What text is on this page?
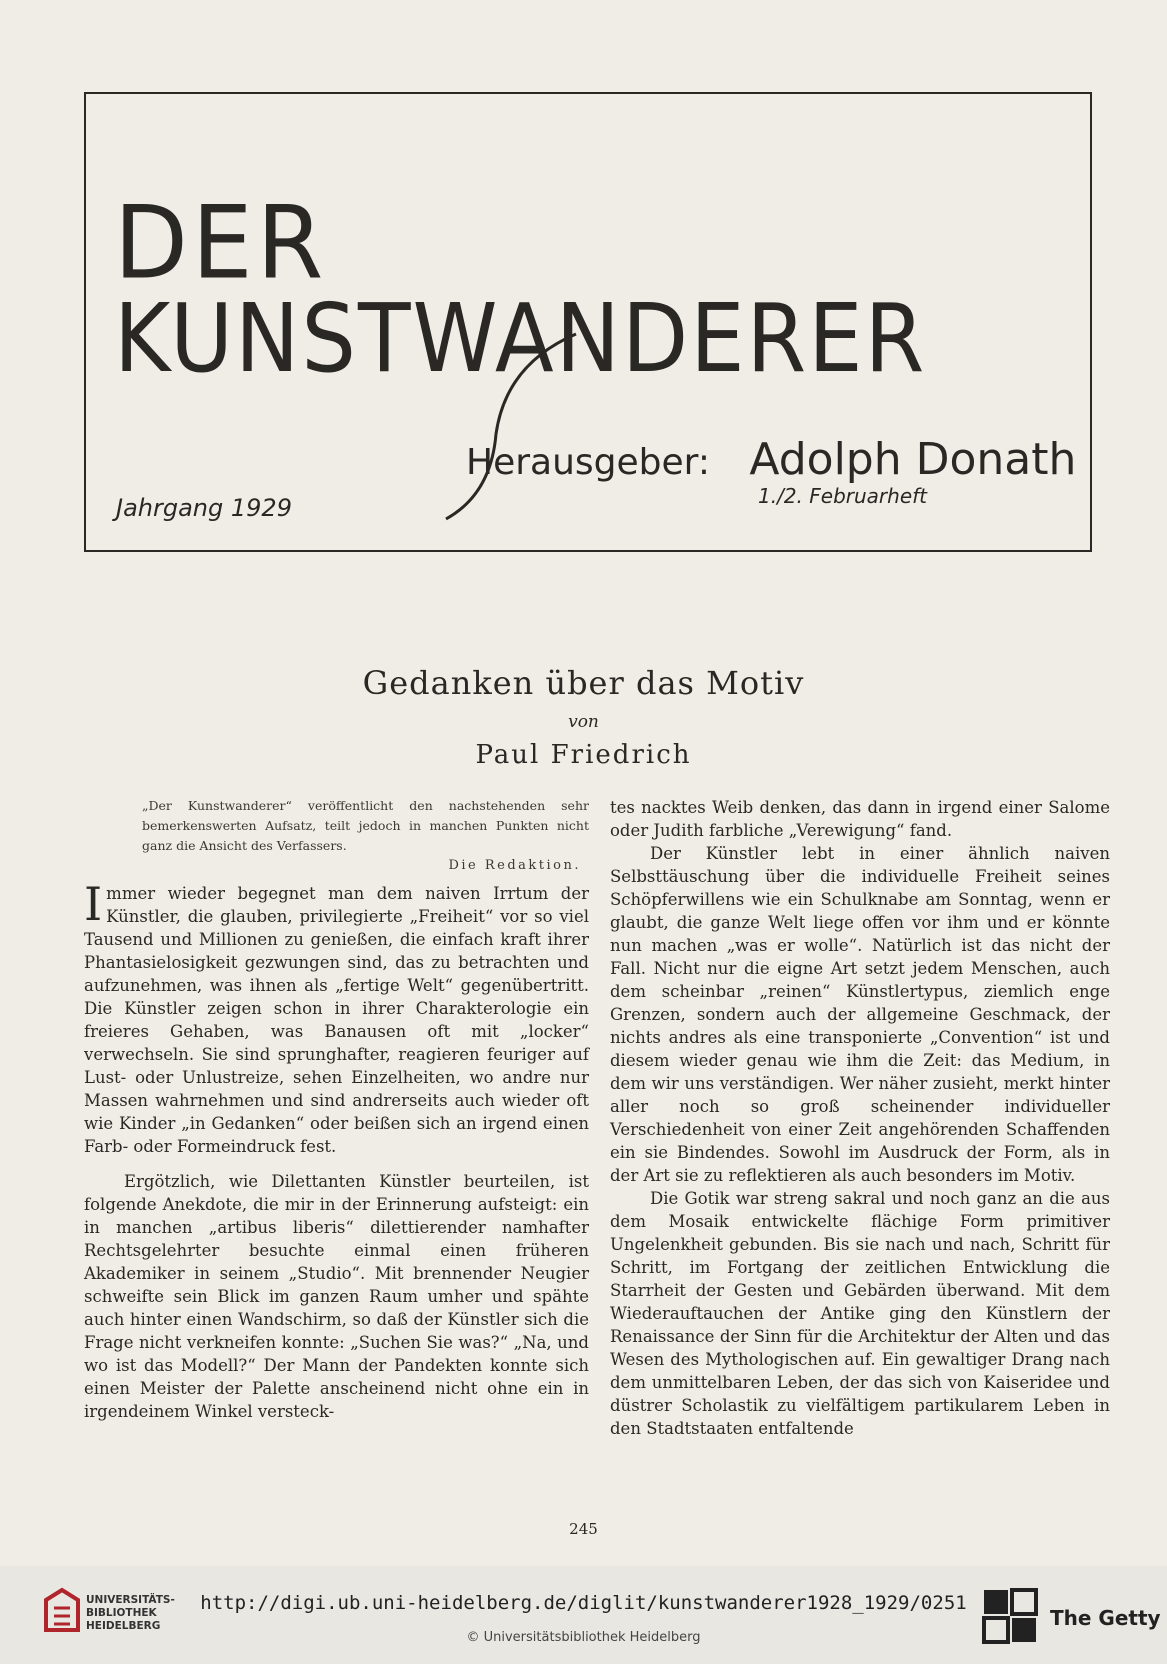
DER
KUNSTWANDERER
Herausgeber: Adolph Donath
Jahrgang 1929	1./2. Februarheft
Gedanken über das Motiv
von
Paul Friedrich

„Der Kunstwanderer“ veröffentlicht den nachstehenden sehr bemerkenswerten Aufsatz, teilt jedoch in manchen Punkten nicht ganz die Ansicht des Verfassers.

Die Redaktion.

Immer wieder begegnet man dem naiven Irrtum der Künstler, die glauben, privilegierte „Freiheit“ vor so viel Tausend und Millionen zu genießen, die einfach kraft ihrer Phantasielosigkeit gezwungen sind, das zu betrachten und aufzunehmen, was ihnen als „fertige Welt“ gegenübertritt. Die Künstler zeigen schon in ihrer Charakterologie ein freieres Gehaben, was Banausen oft mit „locker“ verwechseln. Sie sind sprunghafter, reagieren feuriger auf Lust- oder Unlustreize, sehen Einzelheiten, wo andre nur Massen wahrnehmen und sind andrerseits auch wieder oft wie Kinder „in Gedanken“ oder beißen sich an irgend einen Farb- oder Formeindruck fest.

Ergötzlich, wie Dilettanten Künstler beurteilen, ist folgende Anekdote, die mir in der Erinnerung aufsteigt: ein in manchen „artibus liberis“ dilettierender namhafter Rechtsgelehrter besuchte einmal einen früheren Akademiker in seinem „Studio“. Mit brennender Neugier schweifte sein Blick im ganzen Raum umher und spähte auch hinter einen Wandschirm, so daß der Künstler sich die Frage nicht verkneifen konnte: „Suchen Sie was?“ „Na, und wo ist das Modell?“ Der Mann der Pandekten konnte sich einen Meister der Palette anscheinend nicht ohne ein in irgendeinem Winkel versteck-

tes nacktes Weib denken, das dann in irgend einer Salome oder Judith farbliche „Verewigung“ fand.

Der Künstler lebt in einer ähnlich naiven Selbsttäuschung über die individuelle Freiheit seines Schöpferwillens wie ein Schulknabe am Sonntag, wenn er glaubt, die ganze Welt liege offen vor ihm und er könnte nun machen „was er wolle“. Natürlich ist das nicht der Fall. Nicht nur die eigne Art setzt jedem Menschen, auch dem scheinbar „reinen“ Künstlertypus, ziemlich enge Grenzen, sondern auch der allgemeine Geschmack, der nichts andres als eine transponierte „Convention“ ist und diesem wieder genau wie ihm die Zeit: das Medium, in dem wir uns verständigen. Wer näher zusieht, merkt hinter aller noch so groß scheinender individueller Verschiedenheit von einer Zeit angehörenden Schaffenden ein sie Bindendes. Sowohl im Ausdruck der Form, als in der Art sie zu reflektieren als auch besonders im Motiv.

Die Gotik war streng sakral und noch ganz an die aus dem Mosaik entwickelte flächige Form primitiver Ungelenkheit gebunden. Bis sie nach und nach, Schritt für Schritt, im Fortgang der zeitlichen Entwicklung die Starrheit der Gesten und Gebärden überwand. Mit dem Wiederauftauchen der Antike ging den Künstlern der Renaissance der Sinn für die Architektur der Alten und das Wesen des Mythologischen auf. Ein gewaltiger Drang nach dem unmittelbaren Leben, der das sich von Kaiseridee und düstrer Scholastik zu vielfältigem partikularem Leben in den Stadtstaaten entfaltende

245
UNIVERSITÄTS-
BIBLIOTHEK
HEIDELBERG
http://digi.ub.uni-heidelberg.de/diglit/kunstwanderer1928_1929/0251
© Universitätsbibliothek Heidelberg
The Getty
